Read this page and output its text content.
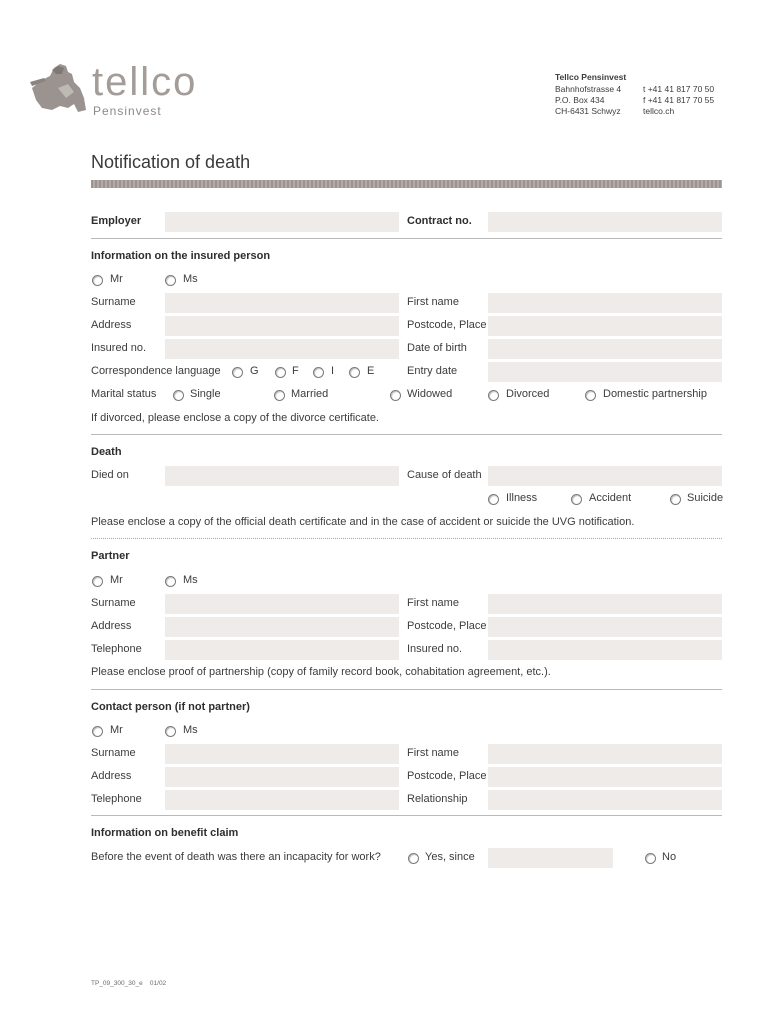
tellco
Pensinvest
Tellco Pensinvest
Bahnhofstrasse 4
P.O. Box 434
CH-6431 Schwyz
t +41 41 817 70 50
f +41 41 817 70 55
tellco.ch
Notification of death
Employer	Contract no.
Information on the insured person
Mr	Ms
Surname	First name
Address	Postcode, Place
Insured no.	Date of birth
Correspondence language	G	F	I	E	Entry date
Marital status	Single	Married	Widowed	Divorced	Domestic partnership
If divorced, please enclose a copy of the divorce certificate.
Death
Died on	Cause of death
Illness	Accident	Suicide
Please enclose a copy of the official death certificate and in the case of accident or suicide the UVG notification.
Partner
Mr	Ms
Surname	First name
Address	Postcode, Place
Telephone	Insured no.
Please enclose proof of partnership (copy of family record book, cohabitation agreement, etc.).
Contact person (if not partner)
Mr	Ms
Surname	First name
Address	Postcode, Place
Telephone	Relationship
Information on benefit claim
Before the event of death was there an incapacity for work?	Yes, since	No
TP_09_300_30_e    01/02
